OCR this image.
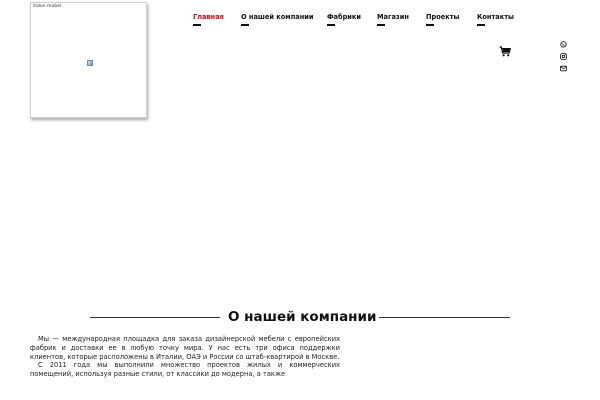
italon mebel
Главная	О нашей компании Фабрики Магазин	Проекты	Контакты
О нашей компании

Мы — международная площадка для заказа дизайнерской мебели с европейских фабрик и доставки ее в любую точку мира. У нас есть три офиса поддержки клиентов, которые расположены в Италии, ОАЭ и России со штаб-квартирой в Москве.

С 2011 года мы выполнили множество проектов жилых и коммерческих помещений, используя разные стили, от классики до модерна, а также
